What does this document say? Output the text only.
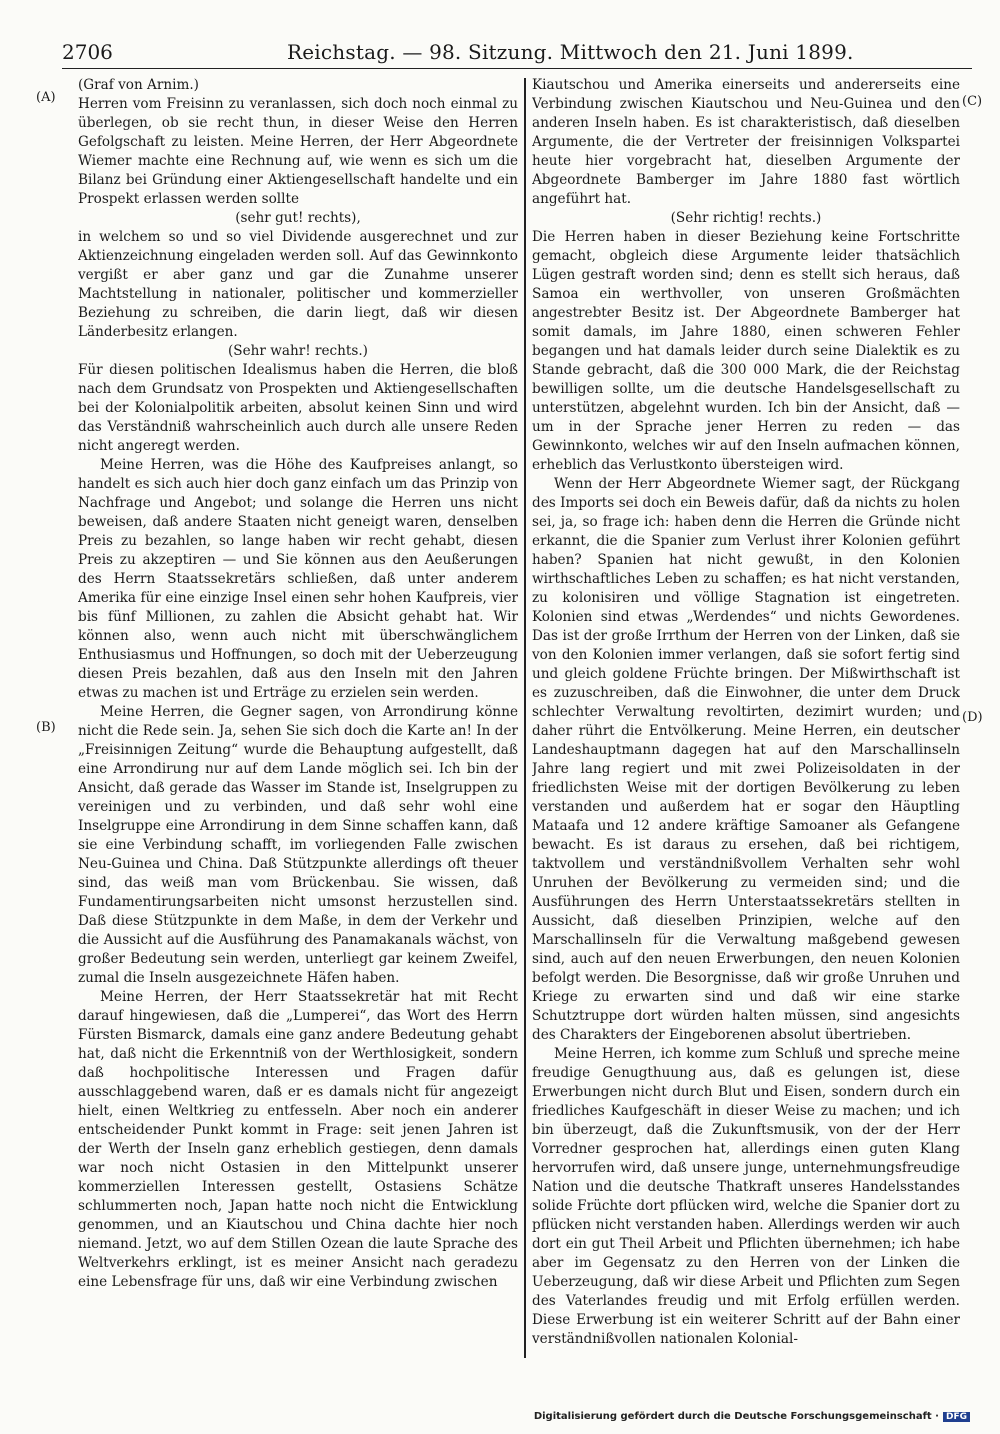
2706	Reichstag. — 98. Sitzung. Mittwoch den 21. Juni 1899.
(A)
(B)
(C)
(D)

(Graf von Arnim.)

Herren vom Freisinn zu veranlassen, sich doch noch einmal zu überlegen, ob sie recht thun, in dieser Weise den Herren Gefolgschaft zu leisten. Meine Herren, der Herr Abgeordnete Wiemer machte eine Rechnung auf, wie wenn es sich um die Bilanz bei Gründung einer Aktiengesellschaft handelte und ein Prospekt erlassen werden sollte

(sehr gut! rechts),

in welchem so und so viel Dividende ausgerechnet und zur Aktienzeichnung eingeladen werden soll. Auf das Gewinnkonto vergißt er aber ganz und gar die Zunahme unserer Machtstellung in nationaler, politischer und kommerzieller Beziehung zu schreiben, die darin liegt, daß wir diesen Länderbesitz erlangen.

(Sehr wahr! rechts.)

Für diesen politischen Idealismus haben die Herren, die bloß nach dem Grundsatz von Prospekten und Aktiengesellschaften bei der Kolonialpolitik arbeiten, absolut keinen Sinn und wird das Verständniß wahrscheinlich auch durch alle unsere Reden nicht angeregt werden.

Meine Herren, was die Höhe des Kaufpreises anlangt, so handelt es sich auch hier doch ganz einfach um das Prinzip von Nachfrage und Angebot; und solange die Herren uns nicht beweisen, daß andere Staaten nicht geneigt waren, denselben Preis zu bezahlen, so lange haben wir recht gehabt, diesen Preis zu akzeptiren — und Sie können aus den Aeußerungen des Herrn Staatssekretärs schließen, daß unter anderem Amerika für eine einzige Insel einen sehr hohen Kaufpreis, vier bis fünf Millionen, zu zahlen die Absicht gehabt hat. Wir können also, wenn auch nicht mit überschwänglichem Enthusiasmus und Hoffnungen, so doch mit der Ueberzeugung diesen Preis bezahlen, daß aus den Inseln mit den Jahren etwas zu machen ist und Erträge zu erzielen sein werden.

Meine Herren, die Gegner sagen, von Arrondirung könne nicht die Rede sein. Ja, sehen Sie sich doch die Karte an! In der „Freisinnigen Zeitung“ wurde die Behauptung aufgestellt, daß eine Arrondirung nur auf dem Lande möglich sei. Ich bin der Ansicht, daß gerade das Wasser im Stande ist, Inselgruppen zu vereinigen und zu verbinden, und daß sehr wohl eine Inselgruppe eine Arrondirung in dem Sinne schaffen kann, daß sie eine Verbindung schafft, im vorliegenden Falle zwischen Neu-Guinea und China. Daß Stützpunkte allerdings oft theuer sind, das weiß man vom Brückenbau. Sie wissen, daß Fundamentirungsarbeiten nicht umsonst herzustellen sind. Daß diese Stützpunkte in dem Maße, in dem der Verkehr und die Aussicht auf die Ausführung des Panamakanals wächst, von großer Bedeutung sein werden, unterliegt gar keinem Zweifel, zumal die Inseln ausgezeichnete Häfen haben.

Meine Herren, der Herr Staatssekretär hat mit Recht darauf hingewiesen, daß die „Lumperei“, das Wort des Herrn Fürsten Bismarck, damals eine ganz andere Bedeutung gehabt hat, daß nicht die Erkenntniß von der Werthlosigkeit, sondern daß hochpolitische Interessen und Fragen dafür ausschlaggebend waren, daß er es damals nicht für angezeigt hielt, einen Weltkrieg zu entfesseln. Aber noch ein anderer entscheidender Punkt kommt in Frage: seit jenen Jahren ist der Werth der Inseln ganz erheblich gestiegen, denn damals war noch nicht Ostasien in den Mittelpunkt unserer kommerziellen Interessen gestellt, Ostasiens Schätze schlummerten noch, Japan hatte noch nicht die Entwicklung genommen, und an Kiautschou und China dachte hier noch niemand. Jetzt, wo auf dem Stillen Ozean die laute Sprache des Weltverkehrs erklingt, ist es meiner Ansicht nach geradezu eine Lebensfrage für uns, daß wir eine Verbindung zwischen

Kiautschou und Amerika einerseits und andererseits eine Verbindung zwischen Kiautschou und Neu-Guinea und den anderen Inseln haben. Es ist charakteristisch, daß dieselben Argumente, die der Vertreter der freisinnigen Volkspartei heute hier vorgebracht hat, dieselben Argumente der Abgeordnete Bamberger im Jahre 1880 fast wörtlich angeführt hat.

(Sehr richtig! rechts.)

Die Herren haben in dieser Beziehung keine Fortschritte gemacht, obgleich diese Argumente leider thatsächlich Lügen gestraft worden sind; denn es stellt sich heraus, daß Samoa ein werthvoller, von unseren Großmächten angestrebter Besitz ist. Der Abgeordnete Bamberger hat somit damals, im Jahre 1880, einen schweren Fehler begangen und hat damals leider durch seine Dialektik es zu Stande gebracht, daß die 300 000 Mark, die der Reichstag bewilligen sollte, um die deutsche Handelsgesellschaft zu unterstützen, abgelehnt wurden. Ich bin der Ansicht, daß — um in der Sprache jener Herren zu reden — das Gewinnkonto, welches wir auf den Inseln aufmachen können, erheblich das Verlustkonto übersteigen wird.

Wenn der Herr Abgeordnete Wiemer sagt, der Rückgang des Imports sei doch ein Beweis dafür, daß da nichts zu holen sei, ja, so frage ich: haben denn die Herren die Gründe nicht erkannt, die die Spanier zum Verlust ihrer Kolonien geführt haben? Spanien hat nicht gewußt, in den Kolonien wirthschaftliches Leben zu schaffen; es hat nicht verstanden, zu kolonisiren und völlige Stagnation ist eingetreten. Kolonien sind etwas „Werdendes“ und nichts Gewordenes. Das ist der große Irrthum der Herren von der Linken, daß sie von den Kolonien immer verlangen, daß sie sofort fertig sind und gleich goldene Früchte bringen. Der Mißwirthschaft ist es zuzuschreiben, daß die Einwohner, die unter dem Druck schlechter Verwaltung revoltirten, dezimirt wurden; und daher rührt die Entvölkerung. Meine Herren, ein deutscher Landeshauptmann dagegen hat auf den Marschallinseln Jahre lang regiert und mit zwei Polizeisoldaten in der friedlichsten Weise mit der dortigen Bevölkerung zu leben verstanden und außerdem hat er sogar den Häuptling Mataafa und 12 andere kräftige Samoaner als Gefangene bewacht. Es ist daraus zu ersehen, daß bei richtigem, taktvollem und verständnißvollem Verhalten sehr wohl Unruhen der Bevölkerung zu vermeiden sind; und die Ausführungen des Herrn Unterstaatssekretärs stellten in Aussicht, daß dieselben Prinzipien, welche auf den Marschallinseln für die Verwaltung maßgebend gewesen sind, auch auf den neuen Erwerbungen, den neuen Kolonien befolgt werden. Die Besorgnisse, daß wir große Unruhen und Kriege zu erwarten sind und daß wir eine starke Schutztruppe dort würden halten müssen, sind angesichts des Charakters der Eingeborenen absolut übertrieben.

Meine Herren, ich komme zum Schluß und spreche meine freudige Genugthuung aus, daß es gelungen ist, diese Erwerbungen nicht durch Blut und Eisen, sondern durch ein friedliches Kaufgeschäft in dieser Weise zu machen; und ich bin überzeugt, daß die Zukunftsmusik, von der der Herr Vorredner gesprochen hat, allerdings einen guten Klang hervorrufen wird, daß unsere junge, unternehmungsfreudige Nation und die deutsche Thatkraft unseres Handelsstandes solide Früchte dort pflücken wird, welche die Spanier dort zu pflücken nicht verstanden haben. Allerdings werden wir auch dort ein gut Theil Arbeit und Pflichten übernehmen; ich habe aber im Gegensatz zu den Herren von der Linken die Ueberzeugung, daß wir diese Arbeit und Pflichten zum Segen des Vaterlandes freudig und mit Erfolg erfüllen werden. Diese Erwerbung ist ein weiterer Schritt auf der Bahn einer verständnißvollen nationalen Kolonial-

Digitalisierung gefördert durch die Deutsche Forschungsgemeinschaft · DFG
